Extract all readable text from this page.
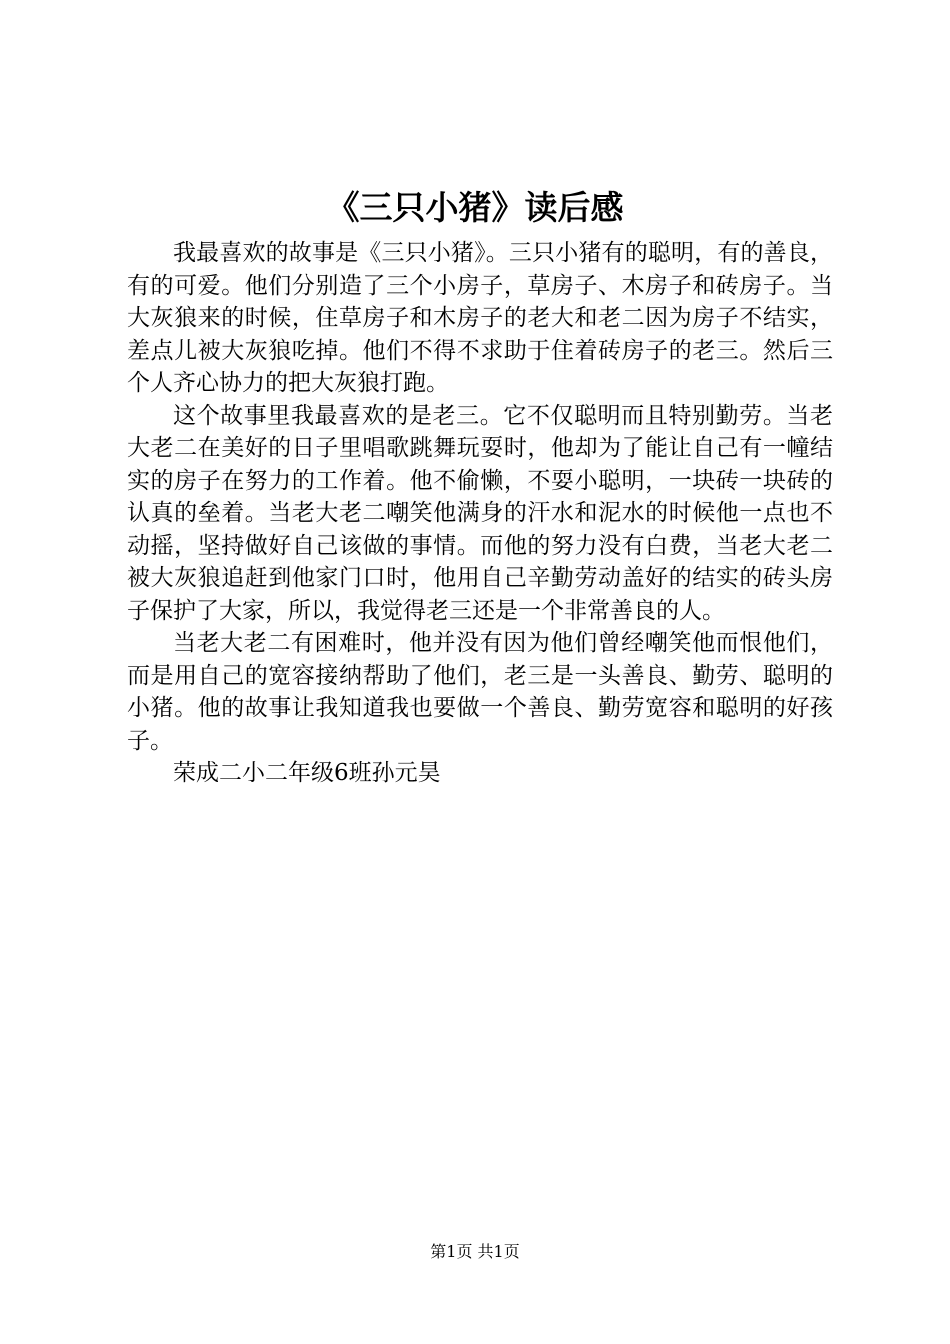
《三只小猪》读后感

我最喜欢的故事是《三只小猪》。三只小猪有的聪明，有的善良，有的可爱。他们分别造了三个小房子，草房子、木房子和砖房子。当大灰狼来的时候，住草房子和木房子的老大和老二因为房子不结实，差点儿被大灰狼吃掉。他们不得不求助于住着砖房子的老三。然后三个人齐心协力的把大灰狼打跑。

这个故事里我最喜欢的是老三。它不仅聪明而且特别勤劳。当老大老二在美好的日子里唱歌跳舞玩耍时，他却为了能让自己有一幢结实的房子在努力的工作着。他不偷懒，不耍小聪明，一块砖一块砖的认真的垒着。当老大老二嘲笑他满身的汗水和泥水的时候他一点也不动摇，坚持做好自己该做的事情。而他的努力没有白费，当老大老二被大灰狼追赶到他家门口时，他用自己辛勤劳动盖好的结实的砖头房子保护了大家，所以，我觉得老三还是一个非常善良的人。

当老大老二有困难时，他并没有因为他们曾经嘲笑他而恨他们，而是用自己的宽容接纳帮助了他们，老三是一头善良、勤劳、聪明的小猪。他的故事让我知道我也要做一个善良、勤劳宽容和聪明的好孩子。

荣成二小二年级6班孙元昊

第1页 共1页
